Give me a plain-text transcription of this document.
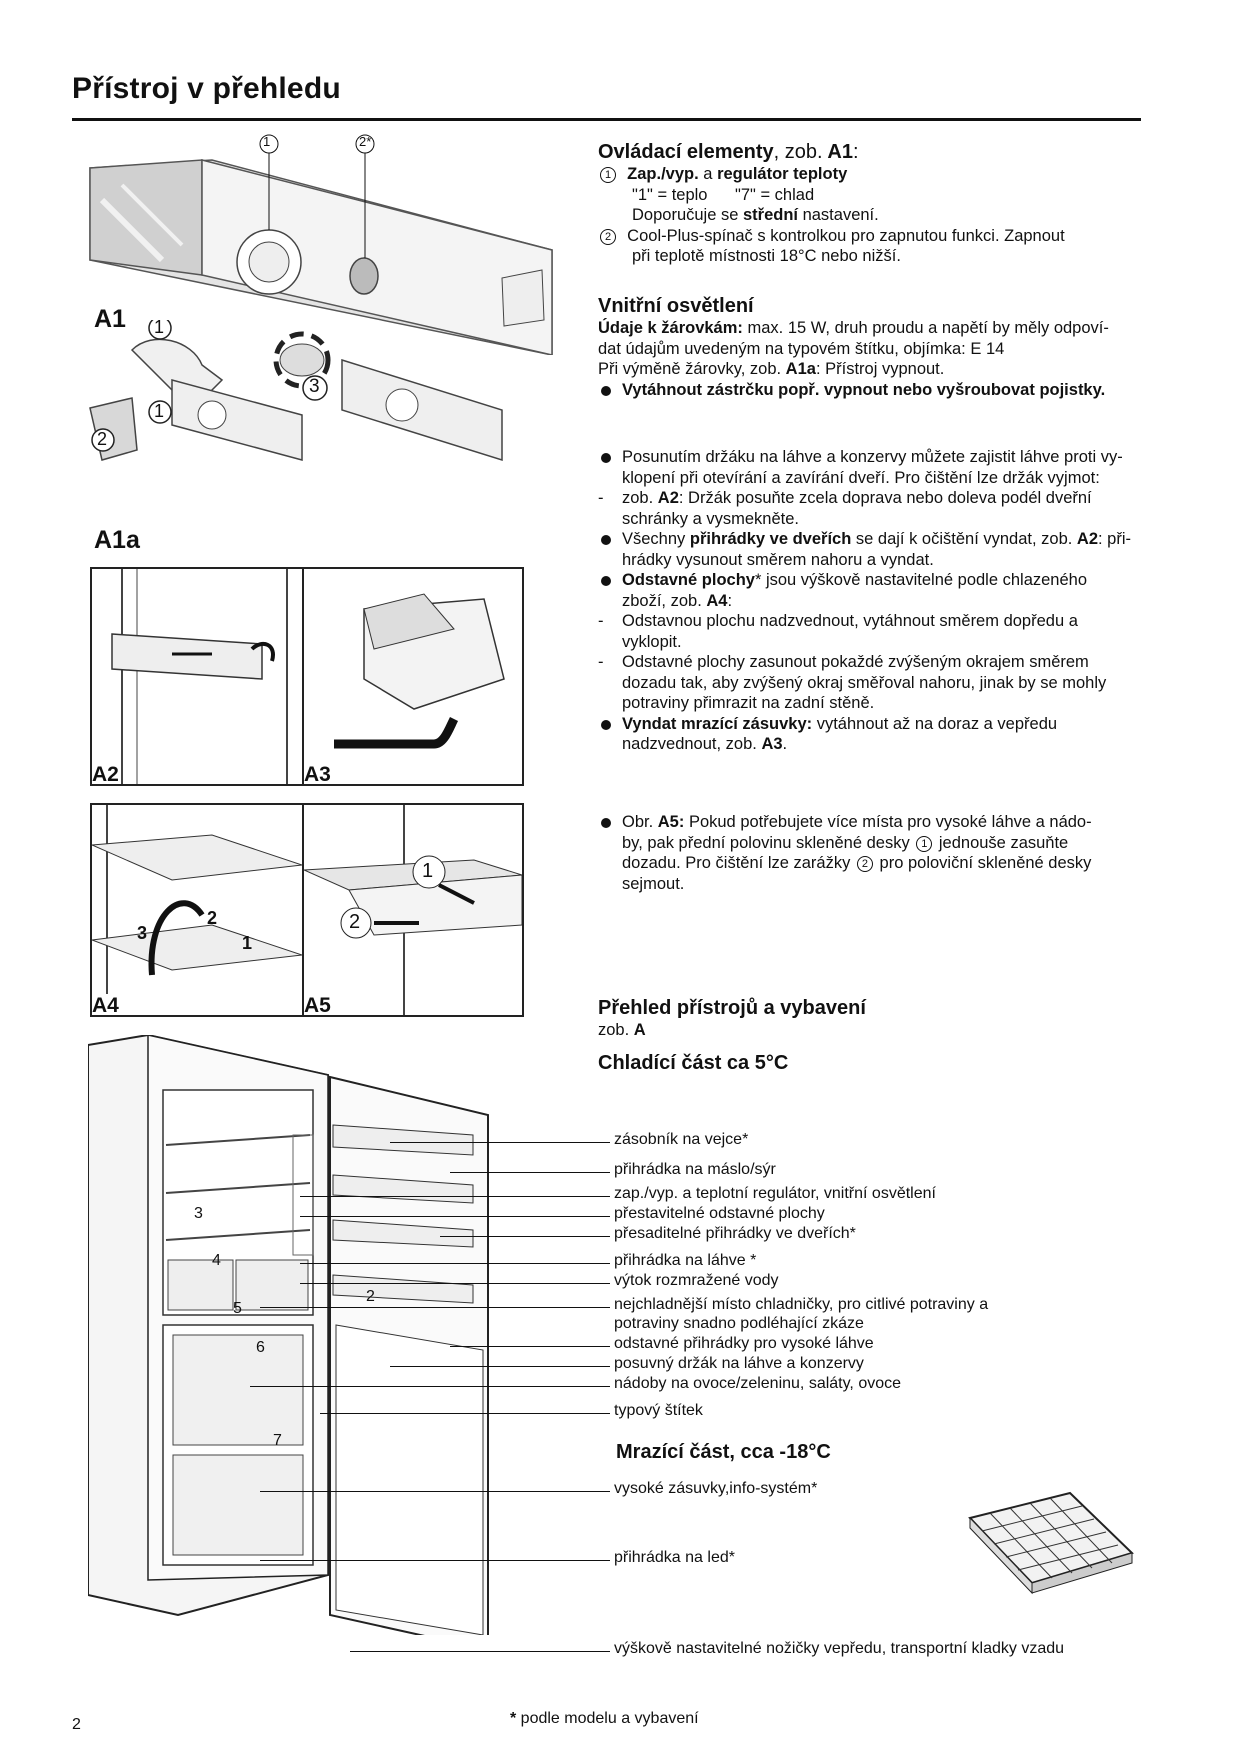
Přístroj v přehledu
1	2*
A1 1
1
2
3
A1a
A2	A3
3
2
1
A4
1
2
A5
Ovládací elementy, zob. A1:
1 Zap./vyp. a regulátor teploty
"1" = teplo      "7" = chlad
Doporučuje se střední nastavení.
2 Cool-Plus-spínač s kontrolkou pro zapnutou funkci. Zapnout
při teplotě místnosti 18°C nebo nižší.
Vnitřní osvětlení
Údaje k žárovkám: max. 15 W, druh proudu a napětí by měly odpoví-
dat údajům uvedeným na typovém štítku, objímka: E 14
Při výměně žárovky, zob. A1a: Přístroj vypnout.
Vytáhnout zástrčku popř. vypnout nebo vyšroubovat pojistky.
Posunutím držáku na láhve a konzervy můžete zajistit láhve proti vy-
klopení při otevírání a zavírání dveří. Pro čištění lze držák vyjmot:
- zob. A2: Držák posuňte zcela doprava nebo doleva podél dveřní
schránky a vysmekněte.
Všechny přihrádky ve dveřích se dají k očištění vyndat, zob. A2: při-
hrádky vysunout směrem nahoru a vyndat.
Odstavné plochy* jsou výškově nastavitelné podle chlazeného
zboží, zob. A4:
- Odstavnou plochu nadzvednout, vytáhnout směrem dopředu a
vyklopit.
- Odstavné plochy zasunout pokaždé zvýšeným okrajem směrem
dozadu tak, aby zvýšený okraj směřoval nahoru, jinak by se mohly
potraviny přimrazit na zadní stěně.
Vyndat mrazící zásuvky: vytáhnout až na doraz a vepředu
nadzvednout, zob. A3.
Obr. A5: Pokud potřebujete více místa pro vysoké láhve a nádo-
by, pak přední polovinu skleněné desky 1 jednouše zasuňte
dozadu. Pro čištění lze zarážky 2 pro poloviční skleněné desky
sejmout.
Přehled přístrojů a vybavení
zob. A
Chladící část ca 5°C
3
4
5
6
7
2
zásobník na vejce*
přihrádka na máslo/sýr
zap./vyp. a teplotní regulátor, vnitřní osvětlení
přestavitelné odstavné plochy
přesaditelné přihrádky ve dveřích*
přihrádka na láhve *
výtok rozmražené vody
nejchladnější místo chladničky, pro citlivé potraviny a
potraviny snadno podléhající zkáze
odstavné přihrádky pro vysoké láhve
posuvný držák na láhve a konzervy
nádoby na ovoce/zeleninu, saláty, ovoce
typový štítek
Mrazící část, cca -18°C
vysoké zásuvky,info-systém*
přihrádka na led*
výškově nastavitelné nožičky vepředu, transportní kladky vzadu
* podle modelu a vybavení
2
